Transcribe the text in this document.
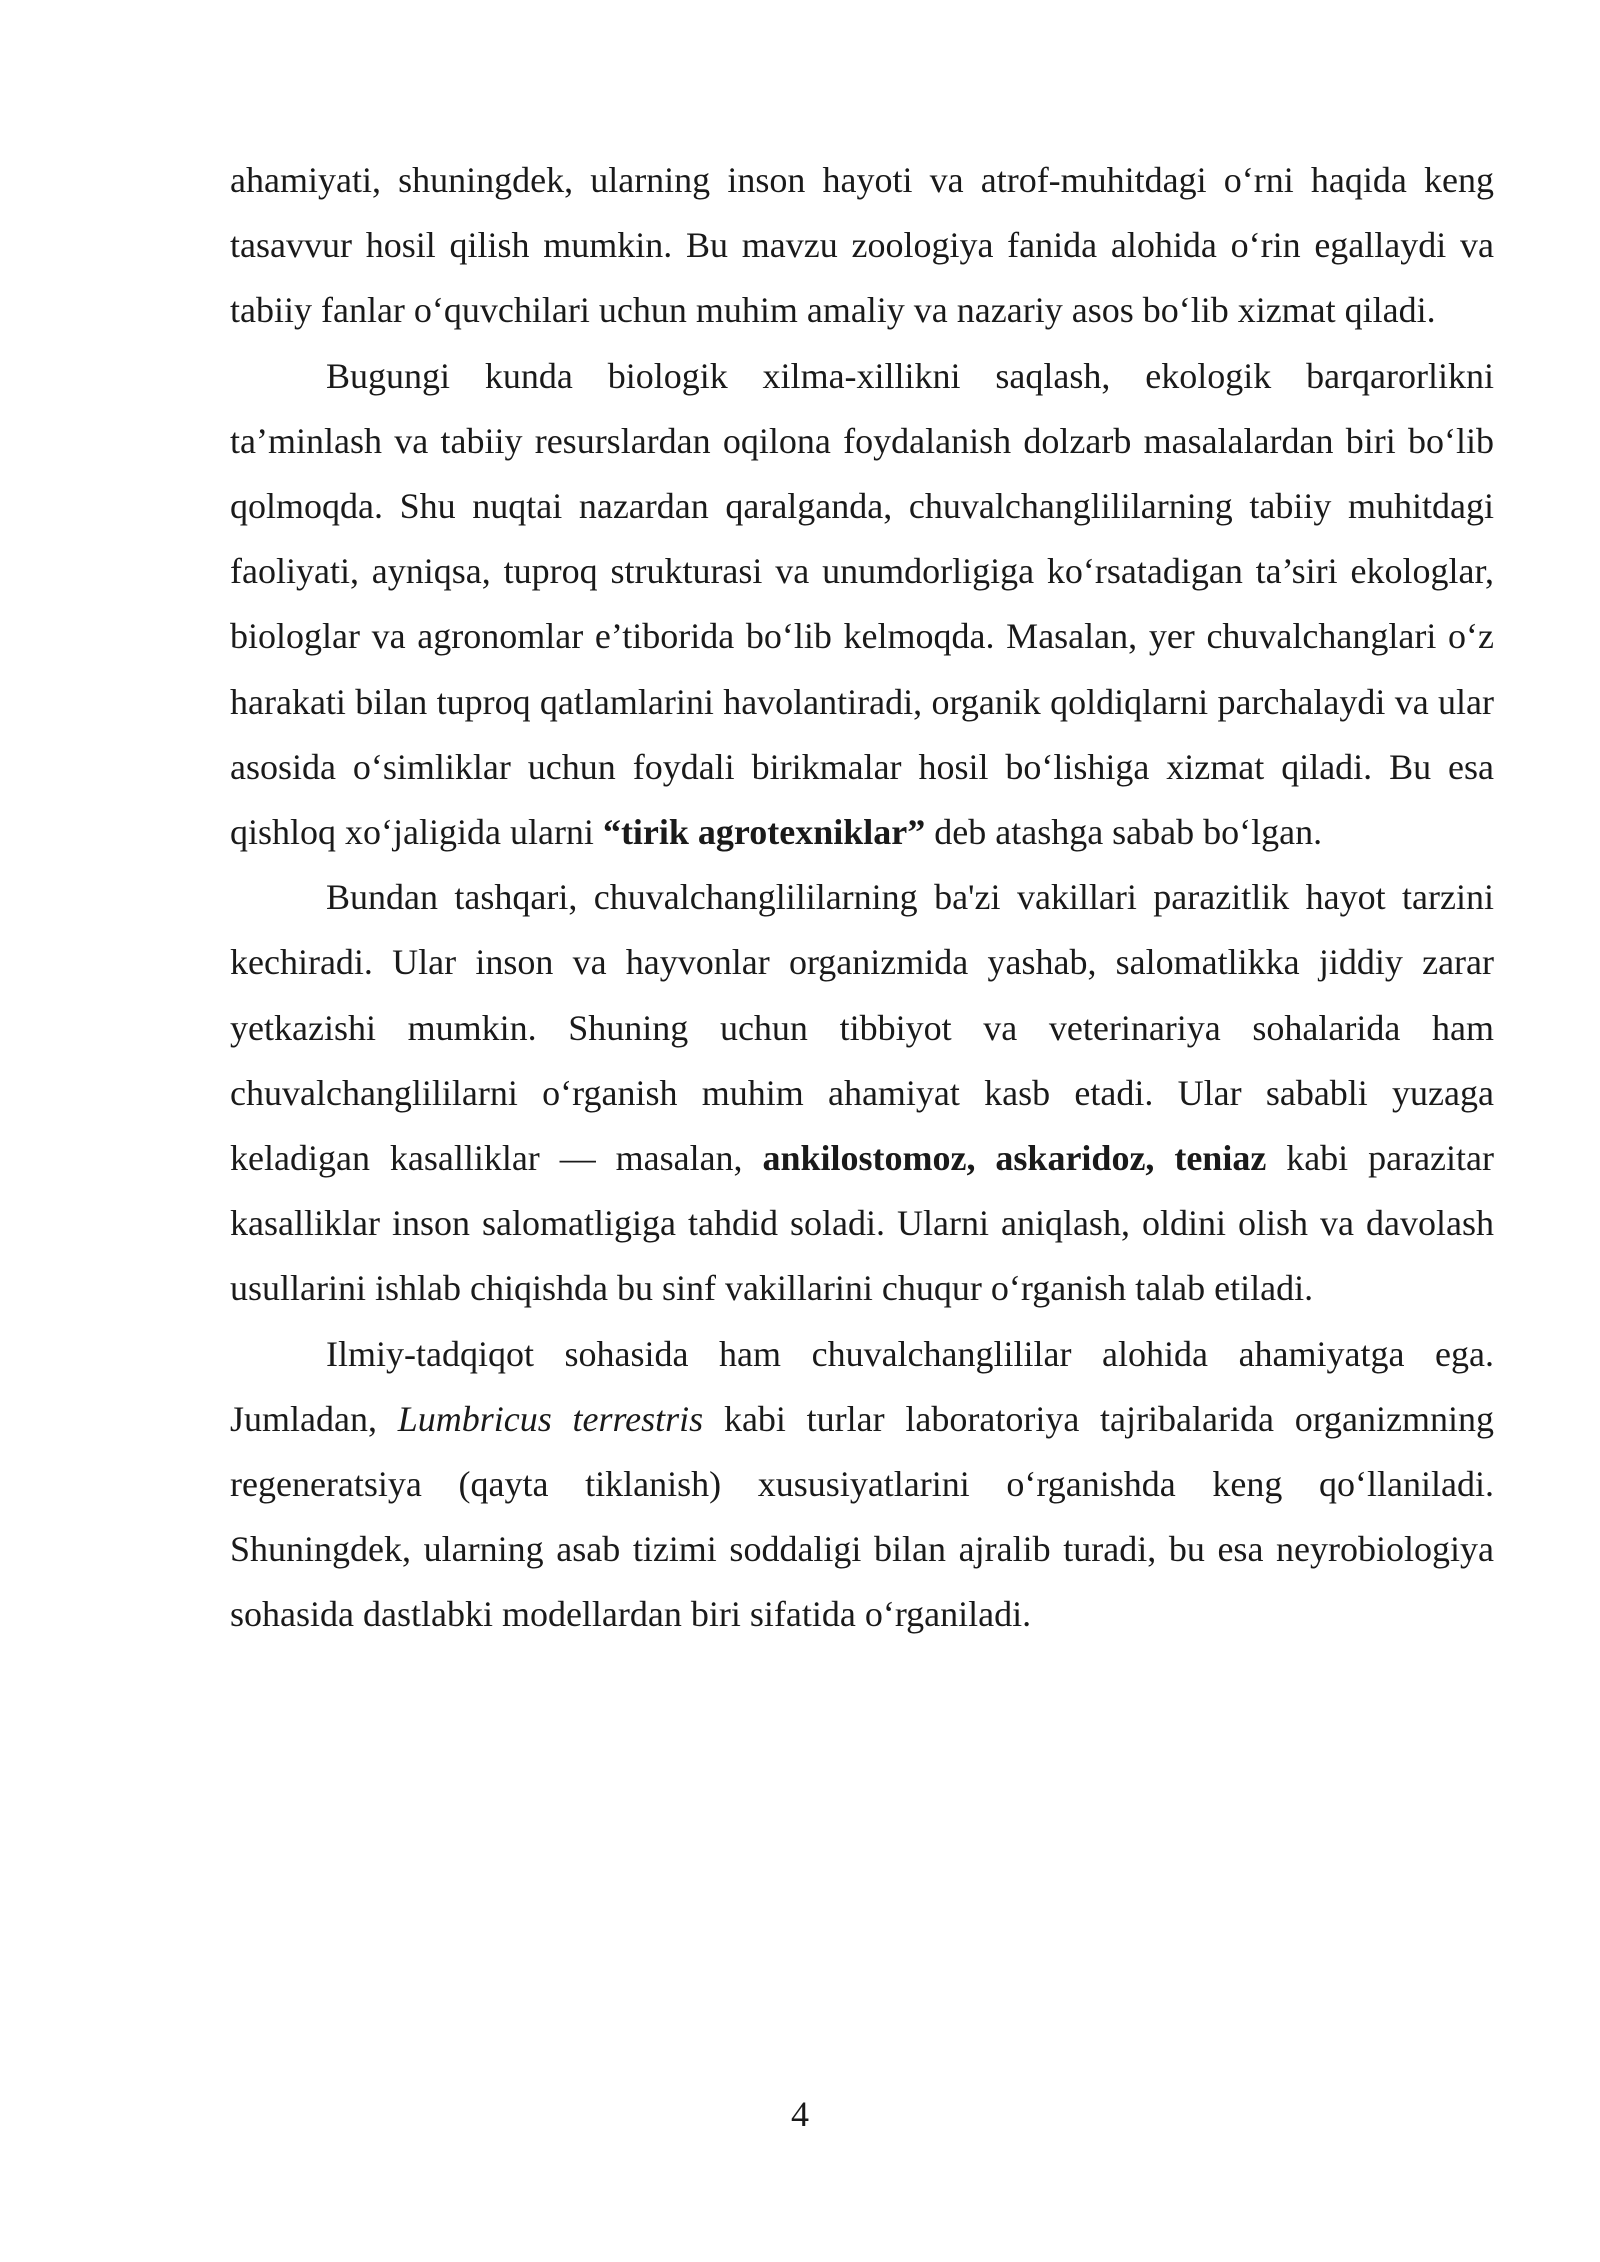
ahamiyati, shuningdek, ularning inson hayoti va atrof-muhitdagi o‘rni haqida keng tasavvur hosil qilish mumkin. Bu mavzu zoologiya fanida alohida o‘rin egallaydi va tabiiy fanlar o‘quvchilari uchun muhim amaliy va nazariy asos bo‘lib xizmat qiladi.

Bugungi kunda biologik xilma-xillikni saqlash, ekologik barqarorlikni ta’minlash va tabiiy resurslardan oqilona foydalanish dolzarb masalalardan biri bo‘lib qolmoqda. Shu nuqtai nazardan qaralganda, chuvalchanglililarning tabiiy muhitdagi faoliyati, ayniqsa, tuproq strukturasi va unumdorligiga ko‘rsatadigan ta’siri ekologlar, biologlar va agronomlar e’tiborida bo‘lib kelmoqda. Masalan, yer chuvalchanglari o‘z harakati bilan tuproq qatlamlarini havolantiradi, organik qoldiqlarni parchalaydi va ular asosida o‘simliklar uchun foydali birikmalar hosil bo‘lishiga xizmat qiladi. Bu esa qishloq xo‘jaligida ularni “tirik agrotexniklar” deb atashga sabab bo‘lgan.

Bundan tashqari, chuvalchanglililarning ba'zi vakillari parazitlik hayot tarzini kechiradi. Ular inson va hayvonlar organizmida yashab, salomatlikka jiddiy zarar yetkazishi mumkin. Shuning uchun tibbiyot va veterinariya sohalarida ham chuvalchanglililarni o‘rganish muhim ahamiyat kasb etadi. Ular sababli yuzaga keladigan kasalliklar — masalan, ankilostomoz, askaridoz, teniaz kabi parazitar kasalliklar inson salomatligiga tahdid soladi. Ularni aniqlash, oldini olish va davolash usullarini ishlab chiqishda bu sinf vakillarini chuqur o‘rganish talab etiladi.

Ilmiy-tadqiqot sohasida ham chuvalchanglililar alohida ahamiyatga ega. Jumladan, Lumbricus terrestris kabi turlar laboratoriya tajribalarida organizmning regeneratsiya (qayta tiklanish) xususiyatlarini o‘rganishda keng qo‘llaniladi. Shuningdek, ularning asab tizimi soddaligi bilan ajralib turadi, bu esa neyrobiologiya sohasida dastlabki modellardan biri sifatida o‘rganiladi.

4
